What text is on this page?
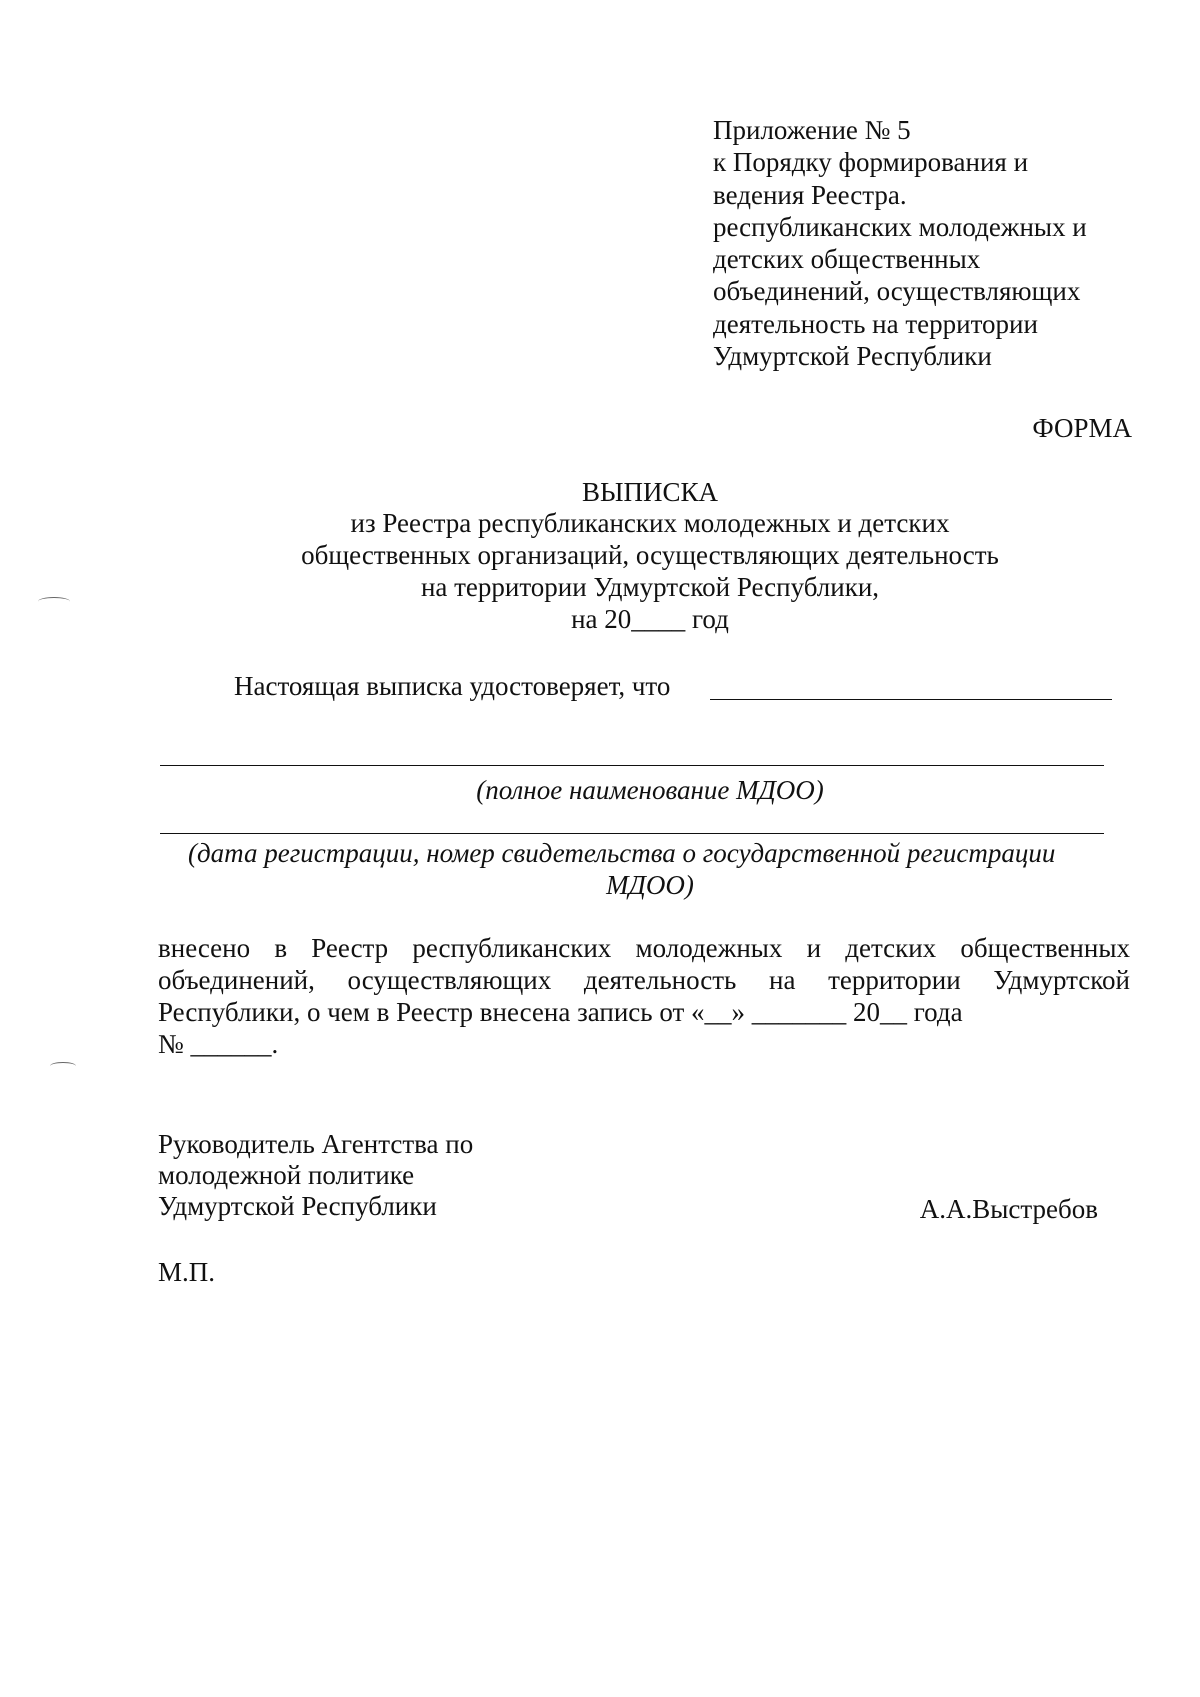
Приложение № 5
к Порядку формирования и
ведения Реестра.
республиканских молодежных и
детских общественных
объединений, осуществляющих
деятельность на территории
Удмуртской Республики
ФОРМА
ВЫПИСКА
из Реестра республиканских молодежных и детских
общественных организаций, осуществляющих деятельность
на территории Удмуртской Республики,
на 20____ год
Настоящая выписка удостоверяет, что
(полное наименование МДОО)
(дата регистрации, номер свидетельства о государственной регистрации
МДОО)
внесено в Реестр республиканских молодежных и детских общественных
объединений, осуществляющих деятельность на территории Удмуртской
Республики, о чем в Реестр внесена запись от «__» _______ 20__ года
№ ______.
Руководитель Агентства по
молодежной политике
Удмуртской Республики	А.А.Выстребов
М.П.
